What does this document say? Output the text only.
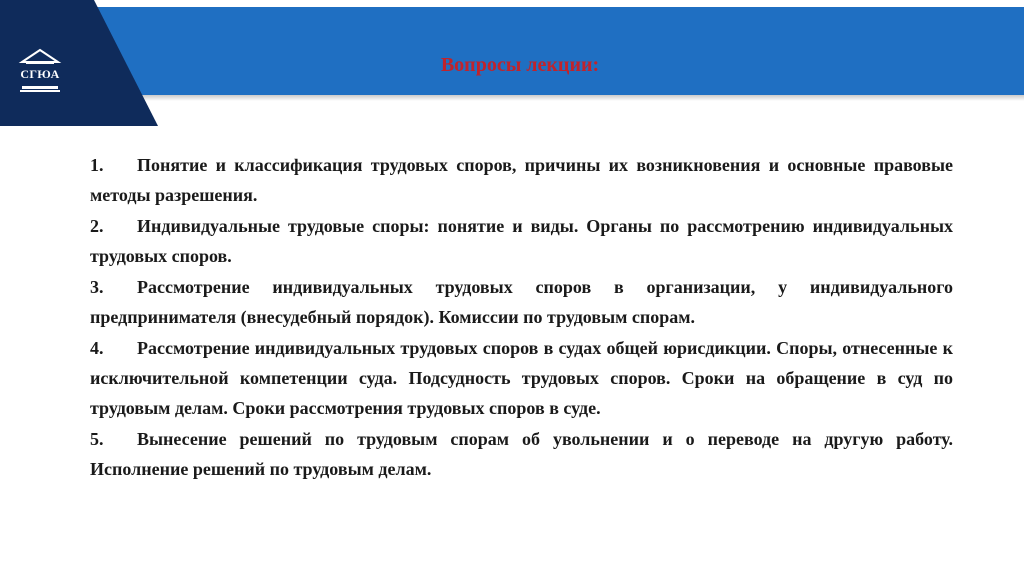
СГЮА	Вопросы лекции:
1. Понятие и классификация трудовых споров, причины их возникновения и основные правовые методы разрешения.
2. Индивидуальные трудовые споры: понятие и виды. Органы по рассмотрению индивидуальных трудовых споров.
3. Рассмотрение индивидуальных трудовых споров в организации, у индивидуального предпринимателя (внесудебный порядок). Комиссии по трудовым спорам.
4. Рассмотрение индивидуальных трудовых споров в судах общей юрисдикции. Споры, отнесенные к исключительной компетенции суда. Подсудность трудовых споров. Сроки на обращение в суд по трудовым делам. Сроки рассмотрения трудовых споров в суде.
5. Вынесение решений по трудовым спорам об увольнении и о переводе на другую работу. Исполнение решений по трудовым делам.
